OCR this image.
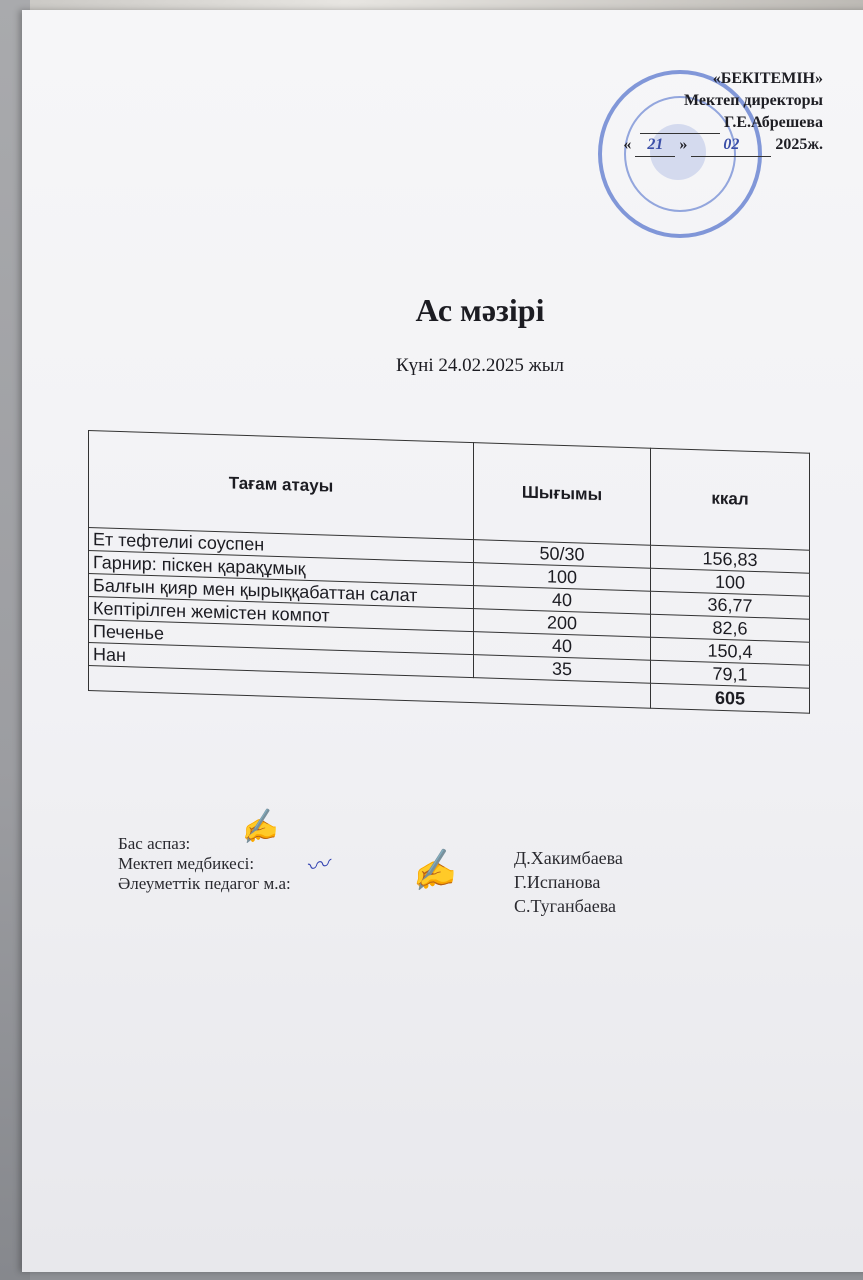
«БЕКІТЕМІН»
Мектеп директоры
Г.Е.Абрешева
«	21	»	02	2025ж.
Ас мәзірі
Күні 24.02.2025 жыл
Тағам атауы	Шығымы	ккал
Ет тефтелиі соуспен	50/30	156,83
Гарнир: піскен қарақұмық	100	100
Балғын қияр мен қырыққабаттан салат	40	36,77
Кептірілген жемістен компот	200	82,6
Печенье	40	150,4
Нан	35	79,1
		605
Бас аспаз:
Мектеп медбикесі:
Әлеуметтік педагог м.а:
✍
〰 ✍	Д.Хакимбаева
Г.Испанова
С.Туганбаева
